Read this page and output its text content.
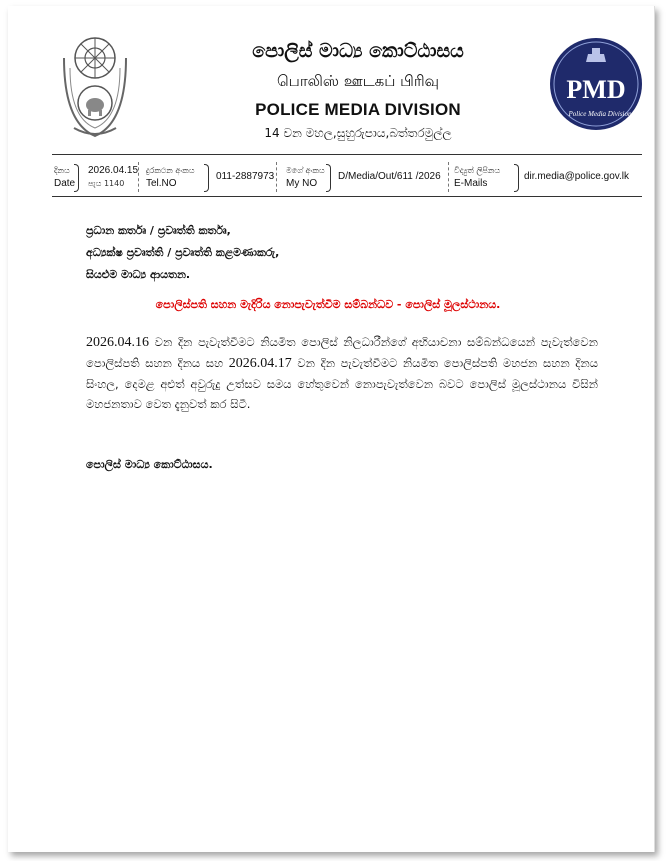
පොලිස් මාධ්‍ය කොට්ඨාසය
பொலிஸ் ஊடகப் பிரிவு
POLICE MEDIA DIVISION
14 වන මහල,සුහුරුපාය,බත්තරමුල්ල
PMD
Police Media Division
දිනය
Date
2026.04.15
පැය 1140
දුරකථන අංකය
Tel.NO
011-2887973
මගේ අංකය
My NO
D/Media/Out/611 /2026
විද්‍යුත් ලිපිනය
E-Mails
dir.media@police.gov.lk
ප්‍රධාන කර්තෘ / ප්‍රවෘත්ති කර්තෘ,
අධ්‍යක්ෂ ප්‍රවෘත්ති / ප්‍රවෘත්ති කළමණාකරු,
සියළුම මාධ්‍ය ආයතන.
පොලිස්පති සහන මැදිරිය නොපැවැත්වීම සම්බන්ධව - පොලිස් මූලස්ථානය.
2026.04.16 වන දින පැවැත්වීමට නියමිත පොලිස් නිලධාරීන්ගේ අභියාචනා සම්බන්ධයෙන් පැවැත්වෙන පොලිස්පති සහන දිනය සහ 2026.04.17 වන දින පැවැත්වීමට නියමිත පොලිස්පති මහජන සහන දිනය සිංහල, දෙමළ අළුත් අවුරුදු උත්සව සමය හේතුවෙන් නොපැවැත්වෙන බවට පොලිස් මූලස්ථානය විසින් මහජනතාව වෙත දැනුවත් කර සිටී.
පොලිස් මාධ්‍ය කොට්ඨාසය.
